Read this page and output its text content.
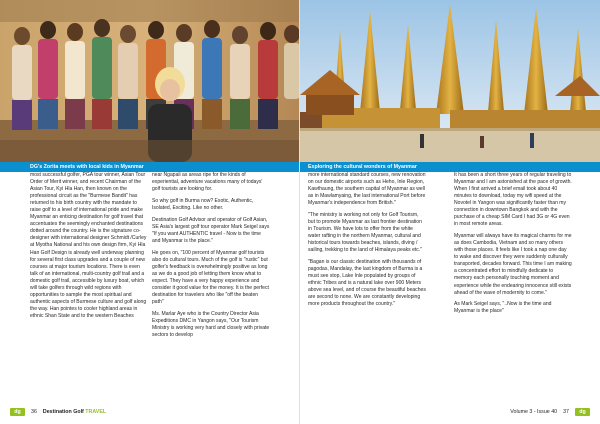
DG's Zorita meets with local kids in Myanmar

most successful golfer, PGA tour winner, Asian Tour Order of Merit winner, and recent Chairman of the Asian Tour, Kyi Hla Han, then known on the professional circuit as the "Burmese Bandit" has returned to his birth country with the mandate to raise golf to a level of international pride and make Myanmar an enticing destination for golf travel that accentuates the seemingly enchanted destinations dotted around the country. He is the signature co-designer with international designer Schmidt /Curley at Myotha National and his own design firm, Kyi Hla Han Golf Design is already well underway planning for several first class upgrades and a couple of new courses at major tourism locations. There is even talk of an international, multi-country golf trail and a domestic golf trail, accessible by luxury boat, which will take golfers through wild regions with opportunities to sample the most spiritual and authentic aspects of Burmese culture and golf along the way. Han pointes to cooler highland areas in ethnic Shan State and to the western Beaches

near Ngapali as areas ripe for the kinds of experiential, adventure vacations many of todays' golf tourists are looking for.

So why golf in Burma now? Exotic, Authentic, Isolated, Exciting. Like no other.

Destination Golf Advisor and operator of Golf Asian, SE Asia's largest golf tour operator Mark Seigel says "If you want AUTHENTIC travel - Now is the time and Myanmar is the place."

He goes on, "100 percent of Myanmar golf tourists also do cultural tours. Much of the golf is "rustic" but golfer's feedback is overwhelmingly positive as long as we do a good job of letting them know what to expect. They have a very happy experience and consider it good value for the money. It is the perfect destination for travelers who like "off the beaten path"

Ms. Marlar Aye who is the Country Director Asia Expeditions DMC in Yangon says, "Our Tourism Ministry is working very hard and closely with private sectors to develop

dg 36 Destination Golf TRAVEL
Exploring the cultural wonders of Myanmar

more international standard courses, new renovation on our domestic airports such as Heho, Inle Region, Kawthaung, the southern capital of Myanmar as well as in Mawlamyaing, the last international Port before Myanmar's independence from British."

"The ministry is working not only for Golf Tourism, but to promote Myanmar as last frontier destination in Tourism. We have lots to offer from the white water rafting in the northern Myanmar, cultural and historical tours towards beaches, islands, diving / sailing, trekking to the land of Himalaya peaks etc."

"Bagan is our classic destination with thousands of pagodas, Mandalay, the last kingdom of Burma is a must see stop, Lake Inle populated by groups of ethnic Tribes and is a natural lake over 900 Meters above sea level, and of course the beautiful beaches are second to none. We are constantly developing more products throughout the country."

It has been a short three years of regular traveling to Myanmar and I am astonished at the pace of growth. When I first arrived a brief email took about 40 minutes to download, today my wifi speed at the Novotel in Yangon was significantly faster than my connection in downtown Bangkok and with the purchase of a cheap SIM Card I had 3G or 4G even in most remote areas.

Myanmar will always have its magical charms for me as does Cambodia, Vietnam and so many others with those places. It feels like I took a nap one day to wake and discover they were suddenly culturally transported, decades forward. This time I am making a concentrated effort to mindfully dedicate to memory each personally touching moment and experience while the endearing innocence still exists ahead of the wave of modernity to come."

As Mark Seigel says, "..Now is the time and Myanmar is the place"

Volume 3 - Issue 40 37 dg
